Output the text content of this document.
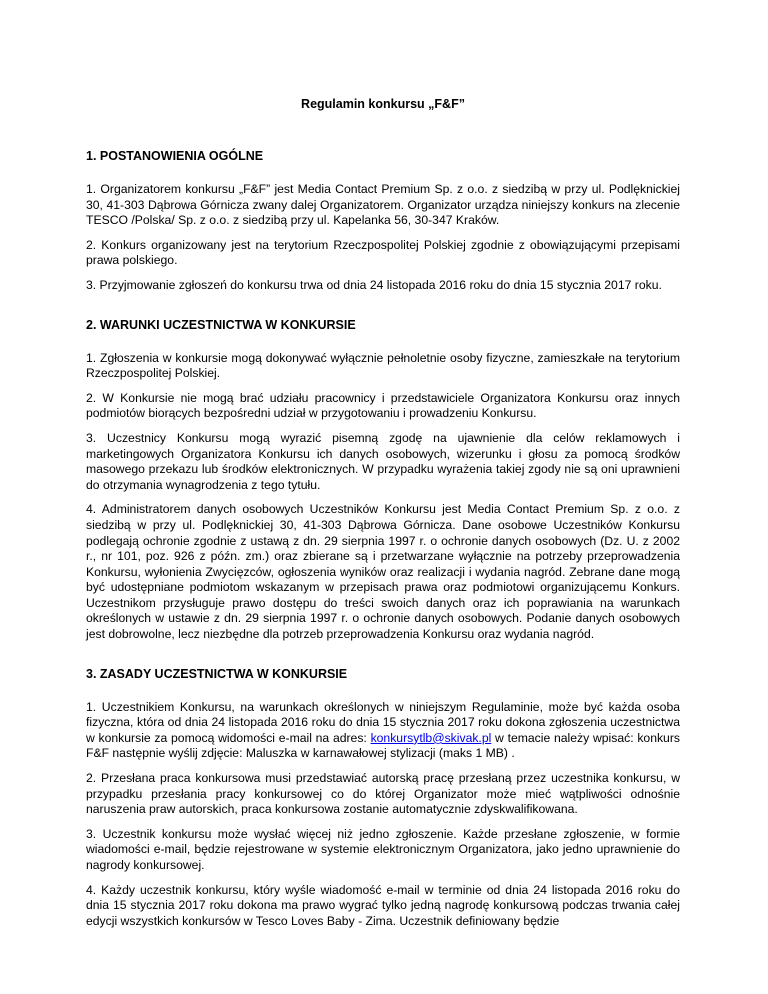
Regulamin konkursu „F&F”
1. POSTANOWIENIA OGÓLNE

1. Organizatorem konkursu „F&F” jest Media Contact Premium Sp. z o.o. z siedzibą w przy ul. Podlęknickiej 30, 41-303 Dąbrowa Górnicza zwany dalej Organizatorem. Organizator urządza niniejszy konkurs na zlecenie TESCO /Polska/ Sp. z o.o. z siedzibą przy ul. Kapelanka 56, 30-347 Kraków.

2. Konkurs organizowany jest na terytorium Rzeczpospolitej Polskiej zgodnie z obowiązującymi przepisami prawa polskiego.

3. Przyjmowanie zgłoszeń do konkursu trwa od dnia 24 listopada 2016 roku do dnia 15 stycznia 2017 roku.

2. WARUNKI UCZESTNICTWA W KONKURSIE

1. Zgłoszenia w konkursie mogą dokonywać wyłącznie pełnoletnie osoby fizyczne, zamieszkałe na terytorium Rzeczpospolitej Polskiej.

2. W Konkursie nie mogą brać udziału pracownicy i przedstawiciele Organizatora Konkursu oraz innych podmiotów biorących bezpośredni udział w przygotowaniu i prowadzeniu Konkursu.

3. Uczestnicy Konkursu mogą wyrazić pisemną zgodę na ujawnienie dla celów reklamowych i marketingowych Organizatora Konkursu ich danych osobowych, wizerunku i głosu za pomocą środków masowego przekazu lub środków elektronicznych. W przypadku wyrażenia takiej zgody nie są oni uprawnieni do otrzymania wynagrodzenia z tego tytułu.

4. Administratorem danych osobowych Uczestników Konkursu jest Media Contact Premium Sp. z o.o. z siedzibą w przy ul. Podlęknickiej 30, 41-303 Dąbrowa Górnicza. Dane osobowe Uczestników Konkursu podlegają ochronie zgodnie z ustawą z dn. 29 sierpnia 1997 r. o ochronie danych osobowych (Dz. U. z 2002 r., nr 101, poz. 926 z późn. zm.) oraz zbierane są i przetwarzane wyłącznie na potrzeby przeprowadzenia Konkursu, wyłonienia Zwycięzców, ogłoszenia wyników oraz realizacji i wydania nagród. Zebrane dane mogą być udostępniane podmiotom wskazanym w przepisach prawa oraz podmiotowi organizującemu Konkurs. Uczestnikom przysługuje prawo dostępu do treści swoich danych oraz ich poprawiania na warunkach określonych w ustawie z dn. 29 sierpnia 1997 r. o ochronie danych osobowych. Podanie danych osobowych jest dobrowolne, lecz niezbędne dla potrzeb przeprowadzenia Konkursu oraz wydania nagród.

3. ZASADY UCZESTNICTWA W KONKURSIE

1. Uczestnikiem Konkursu, na warunkach określonych w niniejszym Regulaminie, może być każda osoba fizyczna, która od dnia 24 listopada 2016 roku do dnia 15 stycznia 2017 roku dokona zgłoszenia uczestnictwa w konkursie za pomocą widomości e-mail na adres: konkursytlb@skivak.pl w temacie należy wpisać: konkurs F&F następnie wyślij zdjęcie: Maluszka w karnawałowej stylizacji (maks 1 MB) .

2. Przesłana praca konkursowa musi przedstawiać autorską pracę przesłaną przez uczestnika konkursu, w przypadku przesłania pracy konkursowej co do której Organizator może mieć wątpliwości odnośnie naruszenia praw autorskich, praca konkursowa zostanie automatycznie zdyskwalifikowana.

3. Uczestnik konkursu może wysłać więcej niż jedno zgłoszenie. Każde przesłane zgłoszenie, w formie wiadomości e-mail, będzie rejestrowane w systemie elektronicznym Organizatora, jako jedno uprawnienie do nagrody konkursowej.

4. Każdy uczestnik konkursu, który wyśle wiadomość e-mail w terminie od dnia 24 listopada 2016 roku do dnia 15 stycznia 2017 roku dokona ma prawo wygrać tylko jedną nagrodę konkursową podczas trwania całej edycji wszystkich konkursów w Tesco Loves Baby - Zima. Uczestnik definiowany będzie
